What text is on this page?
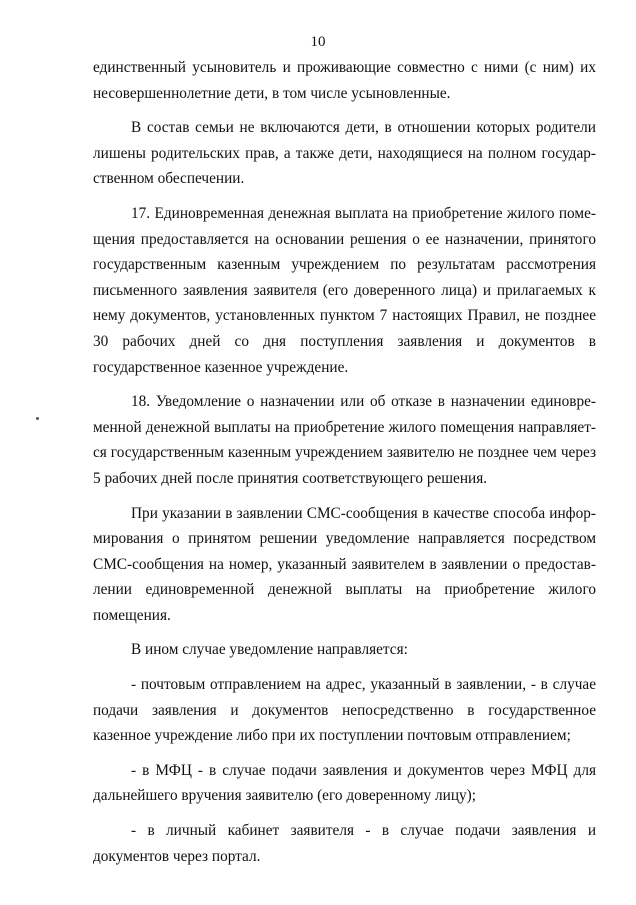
10

единственный усыновитель и проживающие совместно с ними (с ним) их несовершеннолетние дети, в том числе усыновленные.

В состав семьи не включаются дети, в отношении которых родители лишены родительских прав, а также дети, находящиеся на полном государственном обеспечении.

17. Единовременная денежная выплата на приобретение жилого помещения предоставляется на основании решения о ее назначении, принятого государственным казенным учреждением по результатам рассмотрения письменного заявления заявителя (его доверенного лица) и прилагаемых к нему документов, установленных пунктом 7 настоящих Правил, не позднее 30 рабочих дней со дня поступления заявления и документов в государственное казенное учреждение.

18. Уведомление о назначении или об отказе в назначении единовременной денежной выплаты на приобретение жилого помещения направляется государственным казенным учреждением заявителю не позднее чем через 5 рабочих дней после принятия соответствующего решения.

При указании в заявлении СМС-сообщения в качестве способа информирования о принятом решении уведомление направляется посредством СМС-сообщения на номер, указанный заявителем в заявлении о предоставлении единовременной денежной выплаты на приобретение жилого помещения.

В ином случае уведомление направляется:

- почтовым отправлением на адрес, указанный в заявлении, - в случае подачи заявления и документов непосредственно в государственное казенное учреждение либо при их поступлении почтовым отправлением;

- в МФЦ - в случае подачи заявления и документов через МФЦ для дальнейшего вручения заявителю (его доверенному лицу);

- в личный кабинет заявителя - в случае подачи заявления и документов через портал.
